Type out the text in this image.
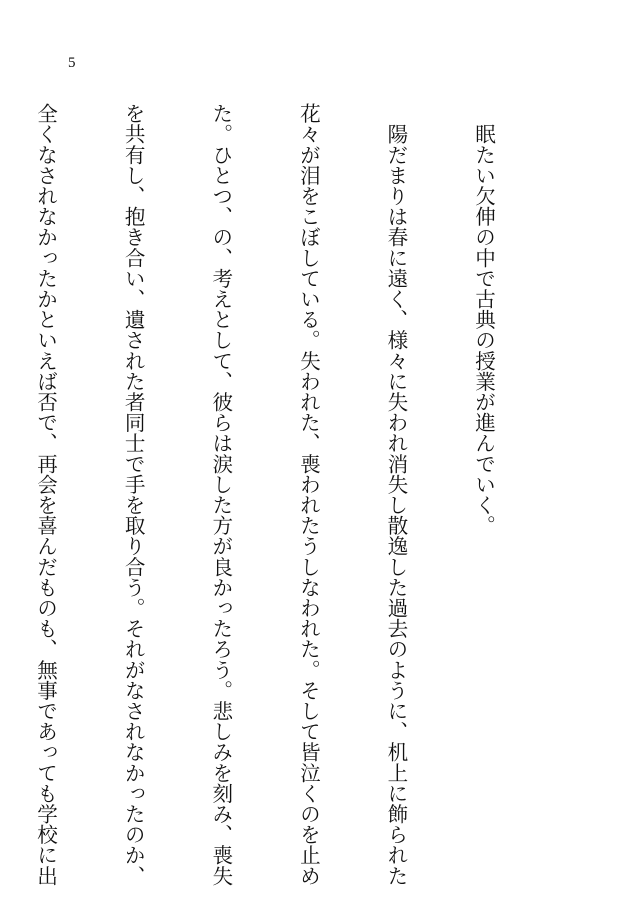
5

　眠たい欠伸の中で古典の授業が進んでいく。

　陽だまりは春に遠く、様々に失われ消失し散逸した過去のように、机上に飾られた

花々が泪をこぼしている。失われた、喪われたうしなわれた。そして皆泣くのを止め

た。ひとつ、の、考えとして、彼らは涙した方が良かったろう。悲しみを刻み、喪失

を共有し、抱き合い、遺された者同士で手を取り合う。それがなされなかったのか、

全くなされなかったかといえば否で、再会を喜んだものも、無事であっても学校に出
